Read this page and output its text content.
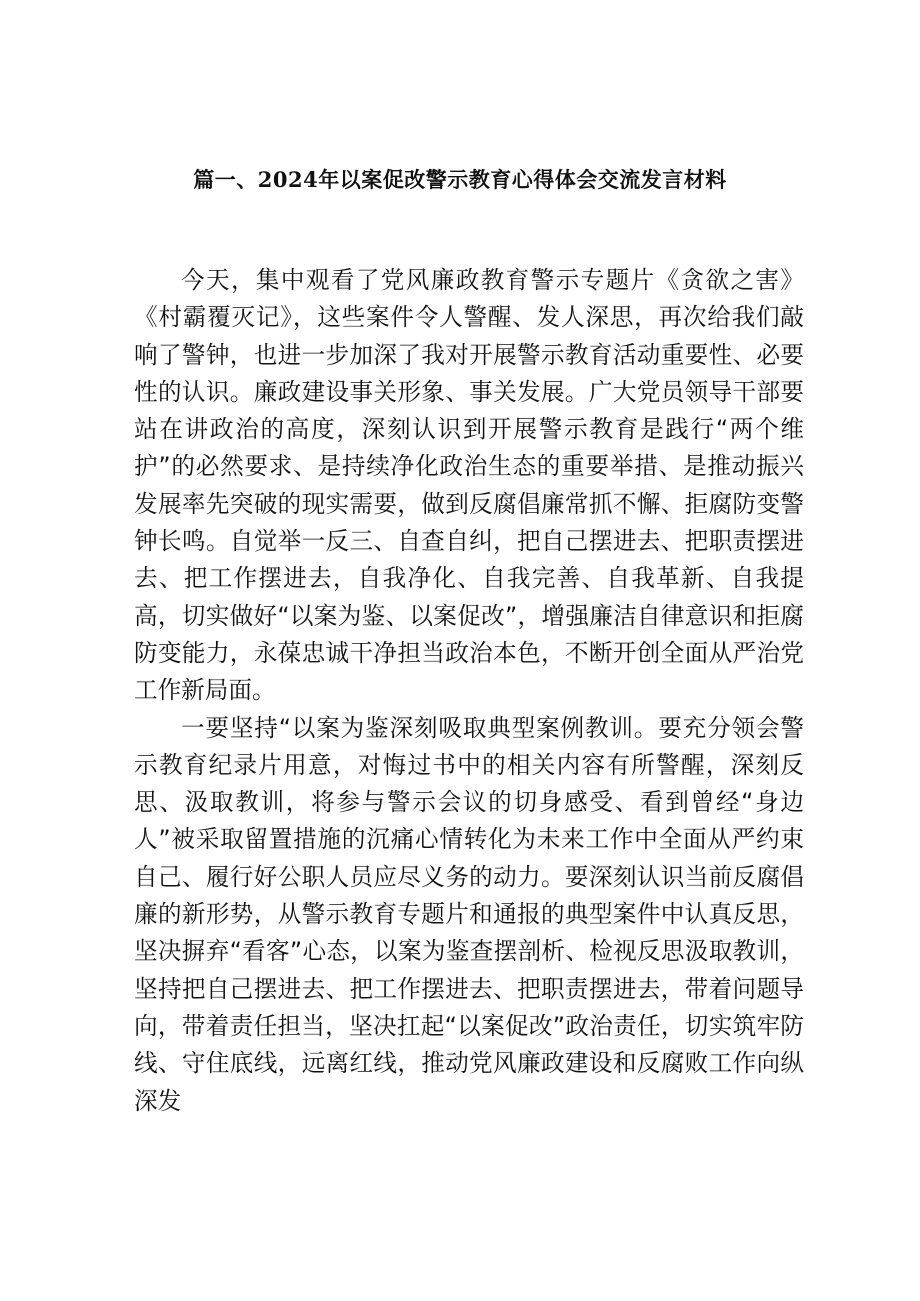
篇一、2024年以案促改警示教育心得体会交流发言材料

今天，集中观看了党风廉政教育警示专题片《贪欲之害》《村霸覆灭记》，这些案件令人警醒、发人深思，再次给我们敲响了警钟，也进一步加深了我对开展警示教育活动重要性、必要性的认识。廉政建设事关形象、事关发展。广大党员领导干部要站在讲政治的高度，深刻认识到开展警示教育是践行“两个维护”的必然要求、是持续净化政治生态的重要举措、是推动振兴发展率先突破的现实需要，做到反腐倡廉常抓不懈、拒腐防变警钟长鸣。自觉举一反三、自查自纠，把自己摆进去、把职责摆进去、把工作摆进去，自我净化、自我完善、自我革新、自我提高，切实做好“以案为鉴、以案促改”，增强廉洁自律意识和拒腐防变能力，永葆忠诚干净担当政治本色，不断开创全面从严治党工作新局面。

一要坚持“以案为鉴深刻吸取典型案例教训。要充分领会警示教育纪录片用意，对悔过书中的相关内容有所警醒，深刻反思、汲取教训，将参与警示会议的切身感受、看到曾经“身边人”被采取留置措施的沉痛心情转化为未来工作中全面从严约束自己、履行好公职人员应尽义务的动力。要深刻认识当前反腐倡廉的新形势，从警示教育专题片和通报的典型案件中认真反思，坚决摒弃“看客”心态，以案为鉴查摆剖析、检视反思汲取教训，坚持把自己摆进去、把工作摆进去、把职责摆进去，带着问题导向，带着责任担当，坚决扛起“以案促改”政治责任，切实筑牢防线、守住底线，远离红线，推动党风廉政建设和反腐败工作向纵深发
